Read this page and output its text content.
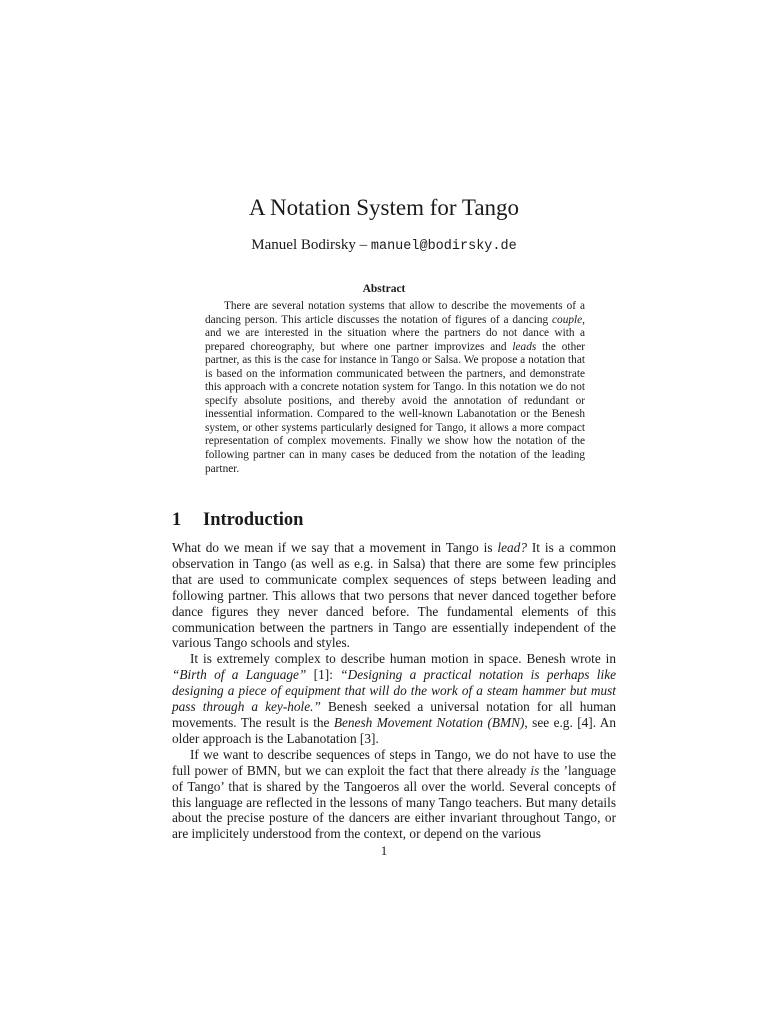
A Notation System for Tango
Manuel Bodirsky – manuel@bodirsky.de
Abstract

There are several notation systems that allow to describe the movements of a dancing person. This article discusses the notation of figures of a dancing couple, and we are interested in the situation where the partners do not dance with a prepared choreography, but where one partner improvizes and leads the other partner, as this is the case for instance in Tango or Salsa. We propose a notation that is based on the information communicated between the partners, and demonstrate this approach with a concrete notation system for Tango. In this notation we do not specify absolute positions, and thereby avoid the annotation of redundant or inessential information. Compared to the well-known Labanotation or the Benesh system, or other systems particularly designed for Tango, it allows a more compact representation of complex movements. Finally we show how the notation of the following partner can in many cases be deduced from the notation of the leading partner.

1 Introduction

What do we mean if we say that a movement in Tango is lead? It is a common observation in Tango (as well as e.g. in Salsa) that there are some few principles that are used to communicate complex sequences of steps between leading and following partner. This allows that two persons that never danced together before dance figures they never danced before. The fundamental elements of this communication between the partners in Tango are essentially independent of the various Tango schools and styles.

It is extremely complex to describe human motion in space. Benesh wrote in “Birth of a Language” [1]: “Designing a practical notation is perhaps like designing a piece of equipment that will do the work of a steam hammer but must pass through a key-hole.” Benesh seeked a universal notation for all human movements. The result is the Benesh Movement Notation (BMN), see e.g. [4]. An older approach is the Labanotation [3].

If we want to describe sequences of steps in Tango, we do not have to use the full power of BMN, but we can exploit the fact that there already is the ’language of Tango’ that is shared by the Tangoeros all over the world. Several concepts of this language are reflected in the lessons of many Tango teachers. But many details about the precise posture of the dancers are either invariant throughout Tango, or are implicitely understood from the context, or depend on the various

1
